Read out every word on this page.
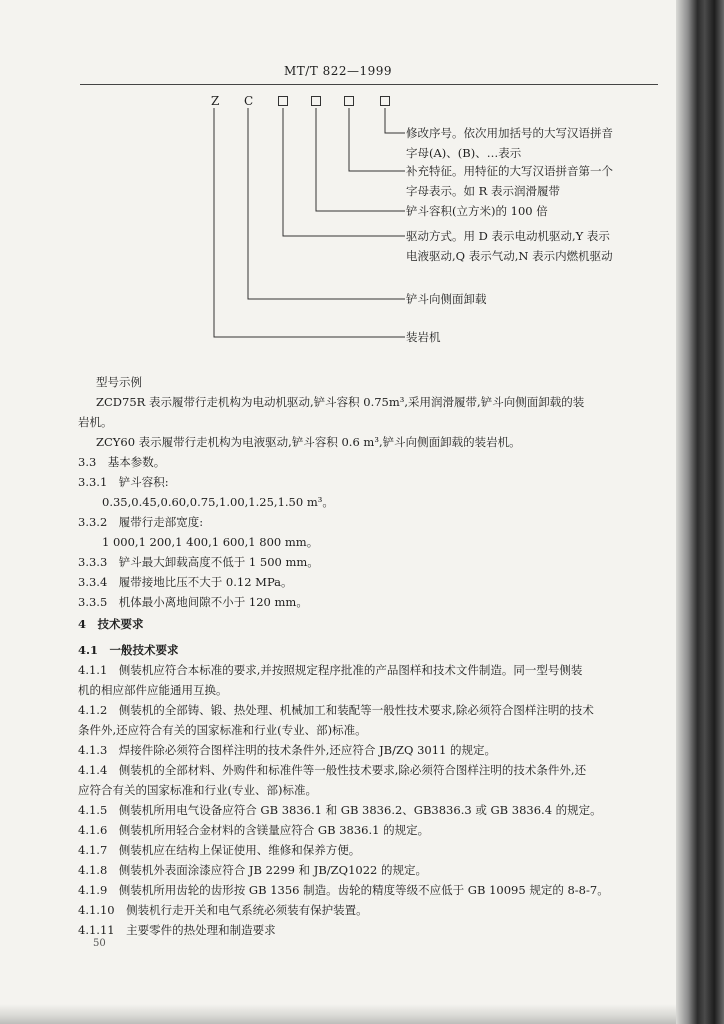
MT/T 822—1999
Z C
修改序号。依次用加括号的大写汉语拼音
字母(A)、(B)、…表示
补充特征。用特征的大写汉语拼音第一个
字母表示。如 R 表示润滑履带
铲斗容积(立方米)的 100 倍
驱动方式。用 D 表示电动机驱动,Y 表示
电液驱动,Q 表示气动,N 表示内燃机驱动
铲斗向侧面卸载
装岩机
型号示例
ZCD75R 表示履带行走机构为电动机驱动,铲斗容积 0.75m³,采用润滑履带,铲斗向侧面卸载的装
岩机。
ZCY60 表示履带行走机构为电液驱动,铲斗容积 0.6 m³,铲斗向侧面卸载的装岩机。
3.3　基本参数。
3.3.1　铲斗容积:
0.35,0.45,0.60,0.75,1.00,1.25,1.50 m³。
3.3.2　履带行走部宽度:
1 000,1 200,1 400,1 600,1 800 mm。
3.3.3　铲斗最大卸载高度不低于 1 500 mm。
3.3.4　履带接地比压不大于 0.12 MPa。
3.3.5　机体最小离地间隙不小于 120 mm。
4　技术要求
4.1　一般技术要求
4.1.1　侧装机应符合本标准的要求,并按照规定程序批准的产品图样和技术文件制造。同一型号侧装
机的相应部件应能通用互换。
4.1.2　侧装机的全部铸、锻、热处理、机械加工和装配等一般性技术要求,除必须符合图样注明的技术
条件外,还应符合有关的国家标准和行业(专业、部)标准。
4.1.3　焊接件除必须符合图样注明的技术条件外,还应符合 JB/ZQ 3011 的规定。
4.1.4　侧装机的全部材料、外购件和标准件等一般性技术要求,除必须符合图样注明的技术条件外,还
应符合有关的国家标准和行业(专业、部)标准。
4.1.5　侧装机所用电气设备应符合 GB 3836.1 和 GB 3836.2、GB3836.3 或 GB 3836.4 的规定。
4.1.6　侧装机所用轻合金材料的含镁量应符合 GB 3836.1 的规定。
4.1.7　侧装机应在结构上保证使用、维修和保养方便。
4.1.8　侧装机外表面涂漆应符合 JB 2299 和 JB/ZQ1022 的规定。
4.1.9　侧装机所用齿轮的齿形按 GB 1356 制造。齿轮的精度等级不应低于 GB 10095 规定的 8-8-7。
4.1.10　侧装机行走开关和电气系统必须装有保护装置。
4.1.11　主要零件的热处理和制造要求
50
